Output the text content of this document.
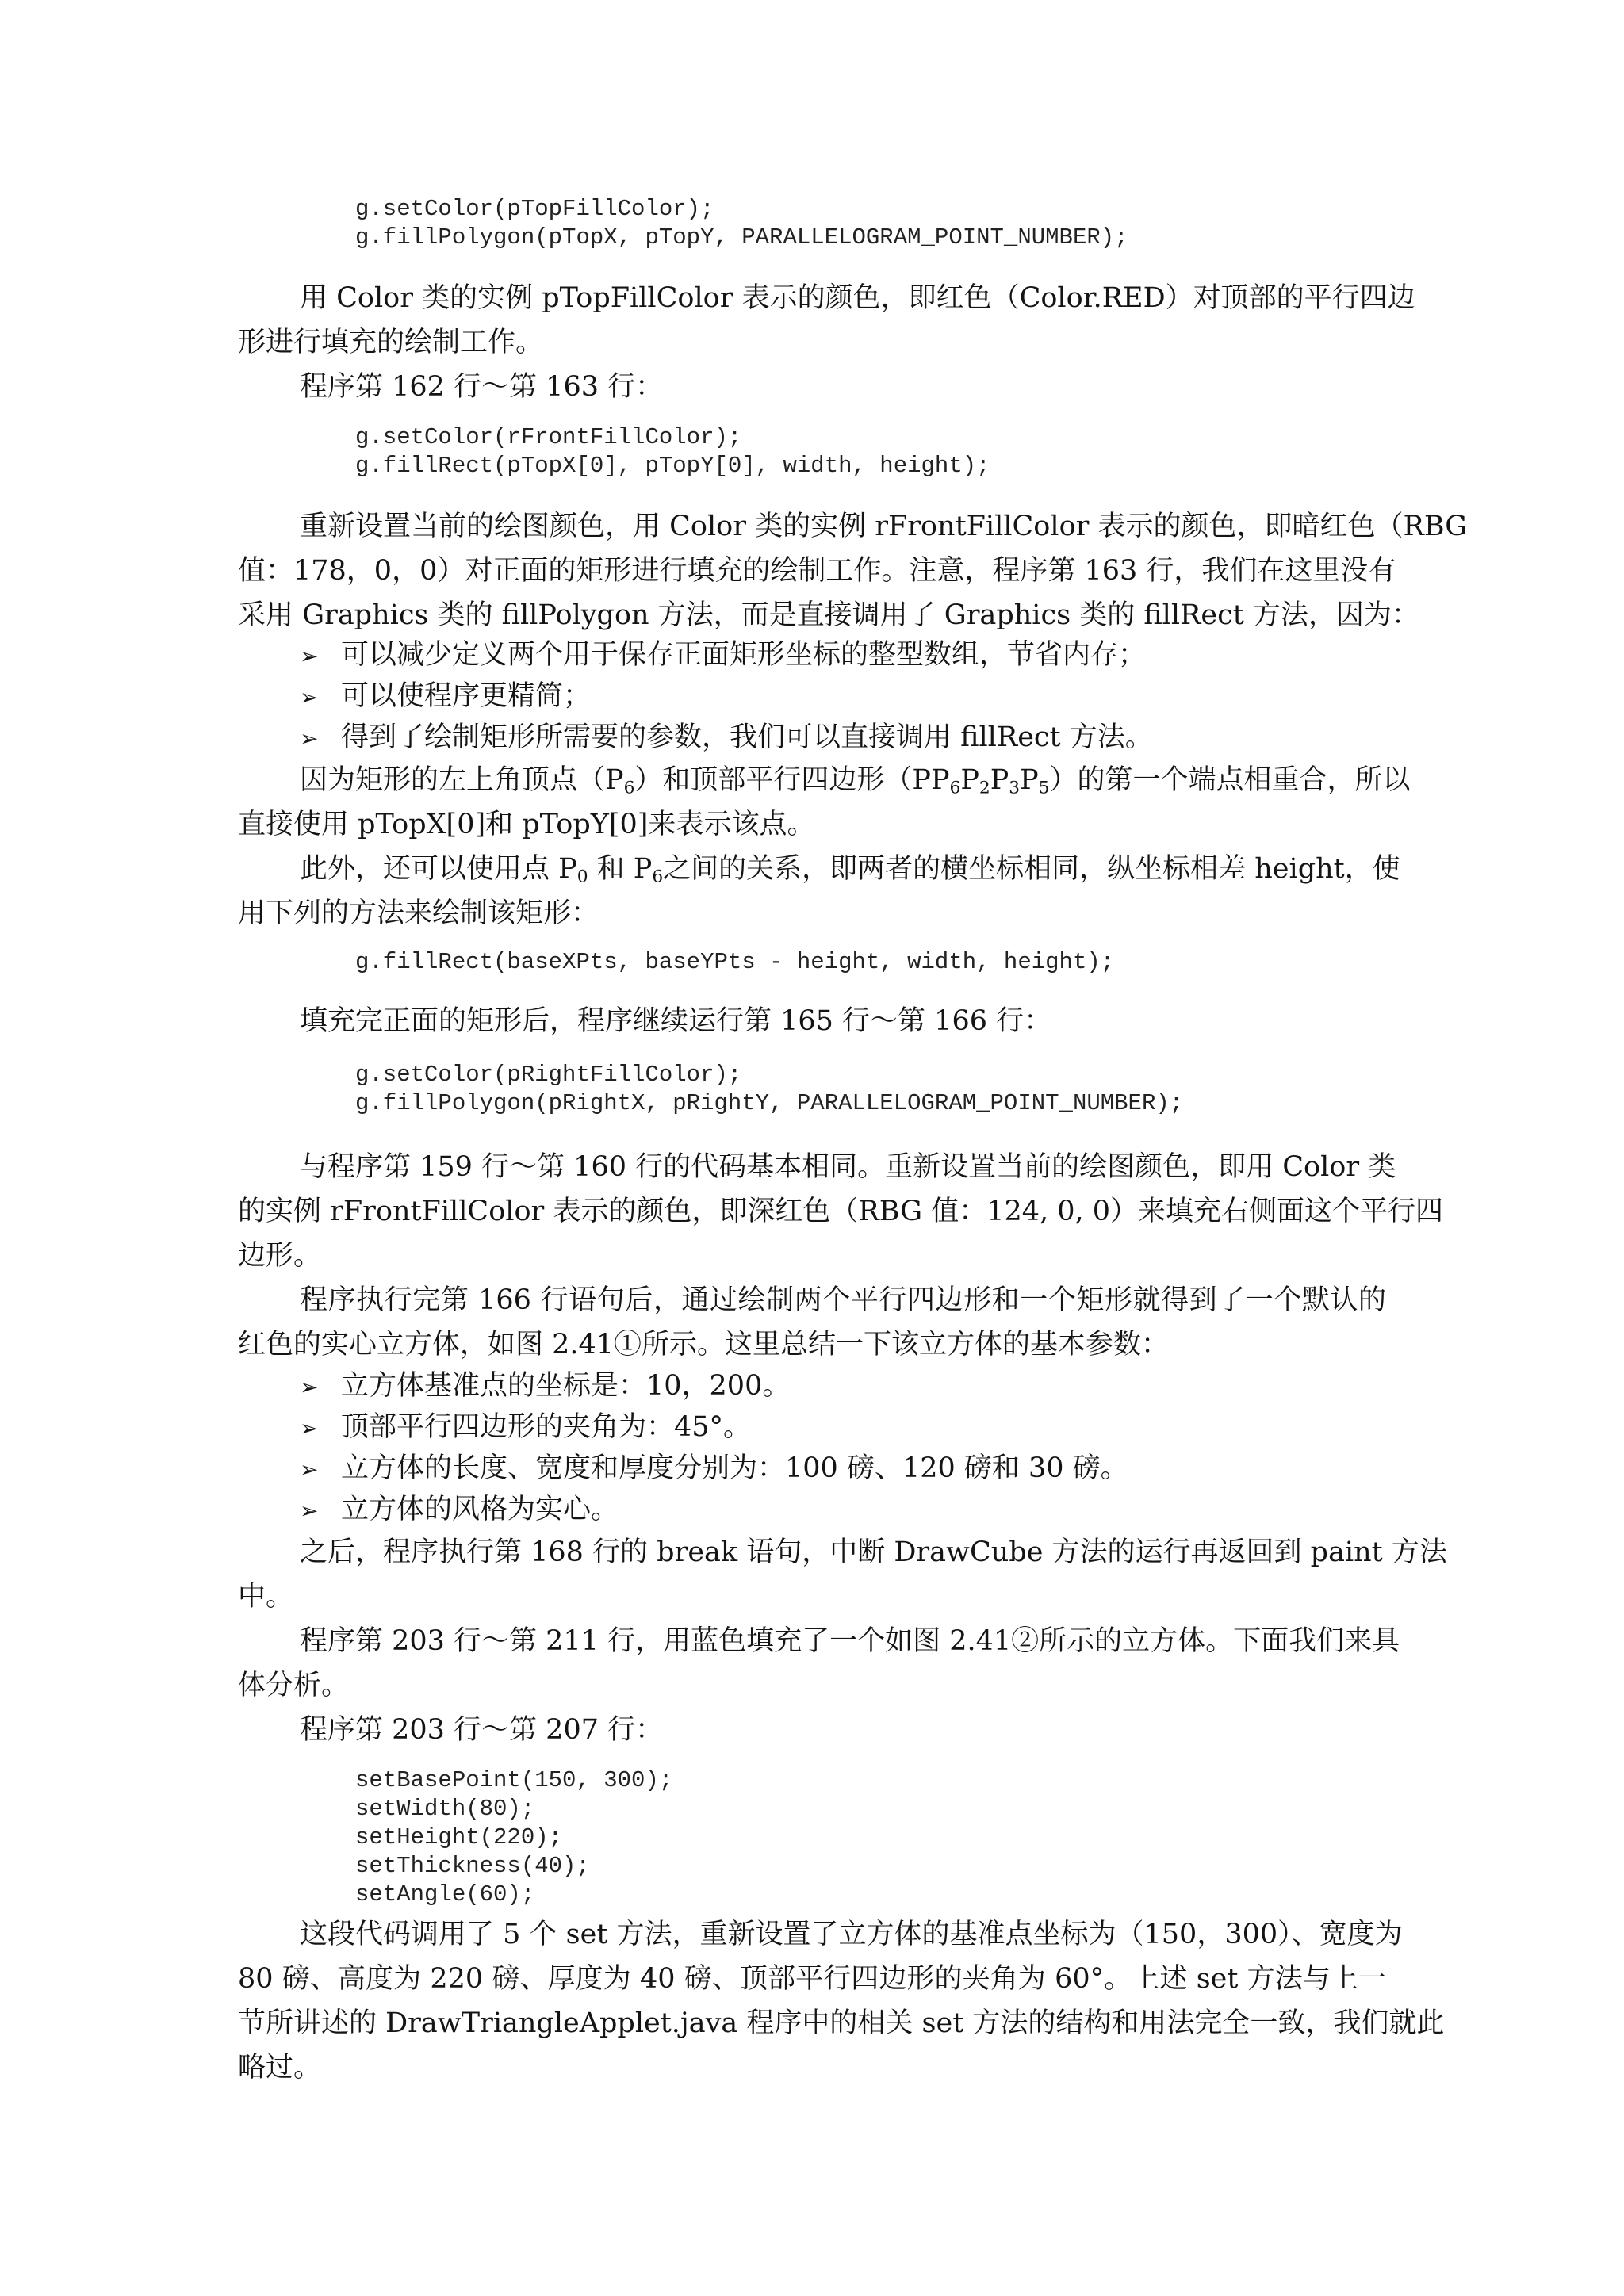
g.setColor(pTopFillColor);
g.fillPolygon(pTopX, pTopY, PARALLELOGRAM_POINT_NUMBER);

用 Color 类的实例 pTopFillColor 表示的颜色，即红色（Color.RED）对顶部的平行四边

形进行填充的绘制工作。

程序第 162 行～第 163 行：

g.setColor(rFrontFillColor);
g.fillRect(pTopX[0], pTopY[0], width, height);

重新设置当前的绘图颜色，用 Color 类的实例 rFrontFillColor 表示的颜色，即暗红色（RBG

值：178，0，0）对正面的矩形进行填充的绘制工作。注意，程序第 163 行，我们在这里没有

采用 Graphics 类的 fillPolygon 方法，而是直接调用了 Graphics 类的 fillRect 方法，因为：

➢ 可以减少定义两个用于保存正面矩形坐标的整型数组，节省内存；
➢ 可以使程序更精简；
➢ 得到了绘制矩形所需要的参数，我们可以直接调用 fillRect 方法。

因为矩形的左上角顶点$(P_6)$和顶部平行四边形$(PP_6P_2P_3P_5)$的第一个端点相重合，所以

直接使用 pTopX[0]和 pTopY[0]来表示该点。

此外，还可以使用点 $P_0$ 和 $P_6$之间的关系，即两者的横坐标相同，纵坐标相差 height，使

用下列的方法来绘制该矩形：

g.fillRect(baseXPts, baseYPts - height, width, height);

填充完正面的矩形后，程序继续运行第 165 行～第 166 行：

g.setColor(pRightFillColor);
g.fillPolygon(pRightX, pRightY, PARALLELOGRAM_POINT_NUMBER);

与程序第 159 行～第 160 行的代码基本相同。重新设置当前的绘图颜色，即用 Color 类

的实例 rFrontFillColor 表示的颜色，即深红色（RBG 值：124, 0, 0）来填充右侧面这个平行四

边形。

程序执行完第 166 行语句后，通过绘制两个平行四边形和一个矩形就得到了一个默认的

红色的实心立方体，如图 2.41①所示。这里总结一下该立方体的基本参数：

➢ 立方体基准点的坐标是：10，200。
➢ 顶部平行四边形的夹角为：45°。
➢ 立方体的长度、宽度和厚度分别为：100 磅、120 磅和 30 磅。
➢ 立方体的风格为实心。

之后，程序执行第 168 行的 break 语句，中断 DrawCube 方法的运行再返回到 paint 方法

中。

程序第 203 行～第 211 行，用蓝色填充了一个如图 2.41②所示的立方体。下面我们来具

体分析。

程序第 203 行～第 207 行：

setBasePoint(150, 300);
setWidth(80);
setHeight(220);
setThickness(40);
setAngle(60);

这段代码调用了 5 个 set 方法，重新设置了立方体的基准点坐标为（150，300）、宽度为

80 磅、高度为 220 磅、厚度为 40 磅、顶部平行四边形的夹角为 60°。上述 set 方法与上一

节所讲述的 DrawTriangleApplet.java 程序中的相关 set 方法的结构和用法完全一致，我们就此

略过。
